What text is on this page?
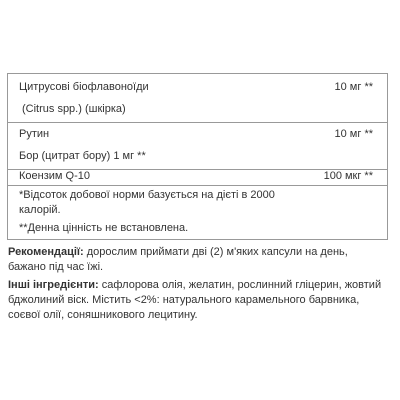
Цитрусові біофлавоноїди	10 мг **
(Citrus spp.) (шкірка)
Рутин	10 мг **
Бор (цитрат бору) 1 мг **
Коензим Q-10	100 мкг **
*Відсоток добової норми базується на дієті в 2000 калорій.
**Денна цінність не встановлена.
Рекомендації: дорослим приймати дві (2) м'яких капсули на день, бажано під час їжі.
Інші інгредієнти: сафлорова олія, желатин, рослинний гліцерин, жовтий бджолиний віск. Містить <2%: натурального карамельного барвника, соєвої олії, соняшникового лецитину.
